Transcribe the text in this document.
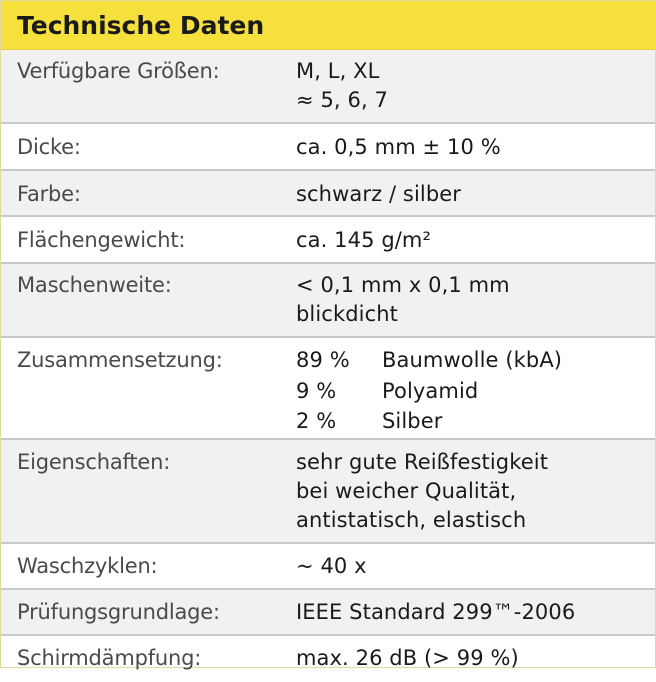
Technische Daten
Verfügbare Größen:	M, L, XL
≈ 5, 6, 7
Dicke:	ca. 0,5 mm ± 10 %
Farbe:	schwarz / silber
Flächengewicht:	ca. 145 g/m²
Maschenweite:	< 0,1 mm x 0,1 mm
blickdicht
Zusammensetzung:	89 %	Baumwolle (kbA)
9 %	Polyamid
2 %	Silber
Eigenschaften:	sehr gute Reißfestigkeit
bei weicher Qualität,
antistatisch, elastisch
Waschzyklen:	~ 40 x
Prüfungsgrundlage:	IEEE Standard 299™-2006
Schirmdämpfung:	max. 26 dB (> 99 %)
